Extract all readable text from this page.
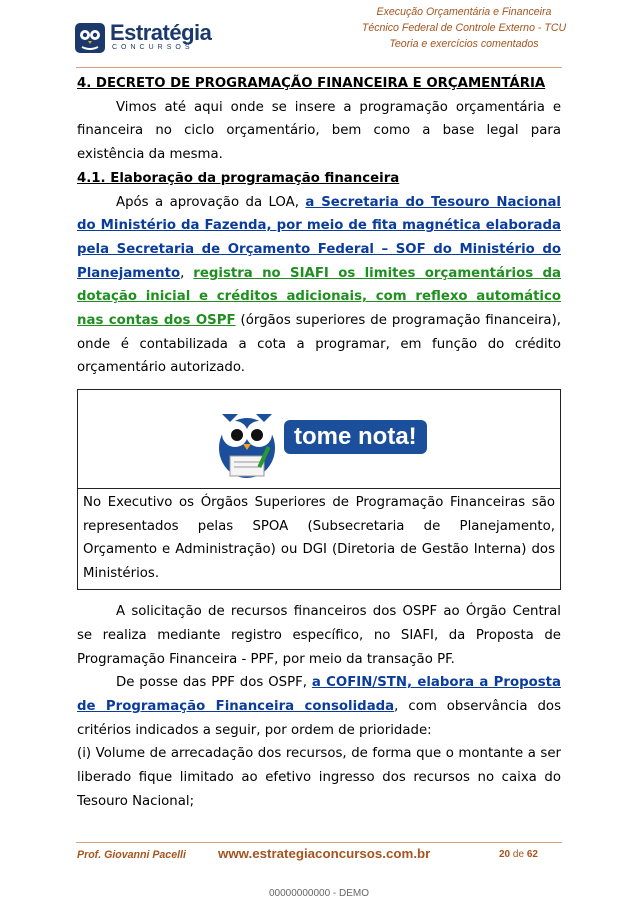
Estratégia
CONCURSOS
Execução Orçamentária e Financeira
Técnico Federal de Controle Externo - TCU
Teoria e exercícios comentados

4. DECRETO DE PROGRAMAÇÃO FINANCEIRA E ORÇAMENTÁRIA

Vimos até aqui onde se insere a programação orçamentária e financeira no ciclo orçamentário, bem como a base legal para existência da mesma.

4.1. Elaboração da programação financeira

Após a aprovação da LOA, a Secretaria do Tesouro Nacional do Ministério da Fazenda, por meio de fita magnética elaborada pela Secretaria de Orçamento Federal – SOF do Ministério do Planejamento, registra no SIAFI os limites orçamentários da dotação inicial e créditos adicionais, com reflexo automático nas contas dos OSPF (órgãos superiores de programação financeira), onde é contabilizada a cota a programar, em função do crédito orçamentário autorizado.

tome nota!
No Executivo os Órgãos Superiores de Programação Financeiras são representados pelas SPOA (Subsecretaria de Planejamento, Orçamento e Administração) ou DGI (Diretoria de Gestão Interna) dos Ministérios.

A solicitação de recursos financeiros dos OSPF ao Órgão Central se realiza mediante registro específico, no SIAFI, da Proposta de Programação Financeira - PPF, por meio da transação PF.

De posse das PPF dos OSPF, a COFIN/STN, elabora a Proposta de Programação Financeira consolidada, com observância dos critérios indicados a seguir, por ordem de prioridade:

(i) Volume de arrecadação dos recursos, de forma que o montante a ser liberado fique limitado ao efetivo ingresso dos recursos no caixa do Tesouro Nacional;

Prof. Giovanni Pacelli www.estrategiaconcursos.com.br	20 de 62
00000000000 - DEMO
